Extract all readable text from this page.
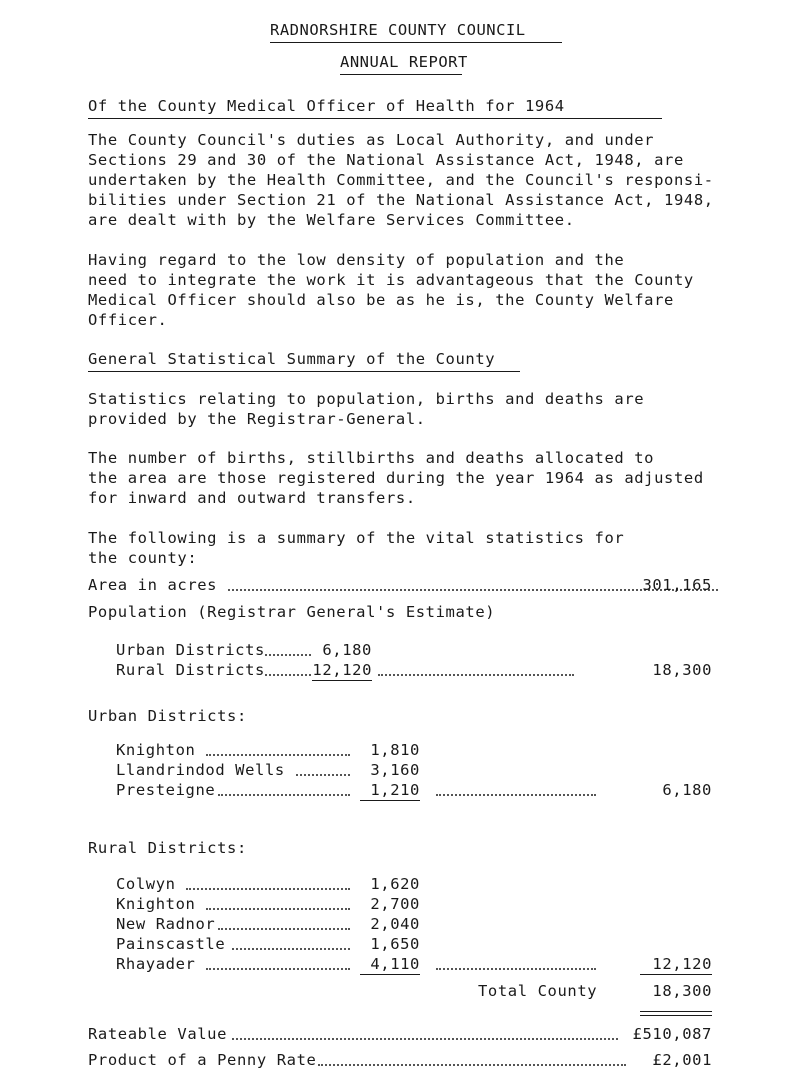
RADNORSHIRE COUNTY COUNCIL
ANNUAL REPORT
Of the County Medical Officer of Health for 1964
The County Council's duties as Local Authority, and under
Sections 29 and 30 of the National Assistance Act, 1948, are
undertaken by the Health Committee, and the Council's responsi-
bilities under Section 21 of the National Assistance Act, 1948,
are dealt with by the Welfare Services Committee.
Having regard to the low density of population and the
need to integrate the work it is advantageous that the County
Medical Officer should also be as he is, the County Welfare
Officer.
General Statistical Summary of the County
Statistics relating to population, births and deaths are
provided by the Registrar-General.
The number of births, stillbirths and deaths allocated to
the area are those registered during the year 1964 as adjusted
for inward and outward transfers.
The following is a summary of the vital statistics for
the county:
Area in acres	301,165
Population (Registrar General's Estimate)
Urban Districts	6,180
Rural Districts	12,120	18,300
Urban Districts:
Knighton	1,810
Llandrindod Wells	3,160
Presteigne	1,210	6,180
Rural Districts:
Colwyn	1,620
Knighton	2,700
New Radnor	2,040
Painscastle	1,650
Rhayader	4,110	12,120
Total County	18,300
Rateable Value	£510,087
Product of a Penny Rate	£2,001
